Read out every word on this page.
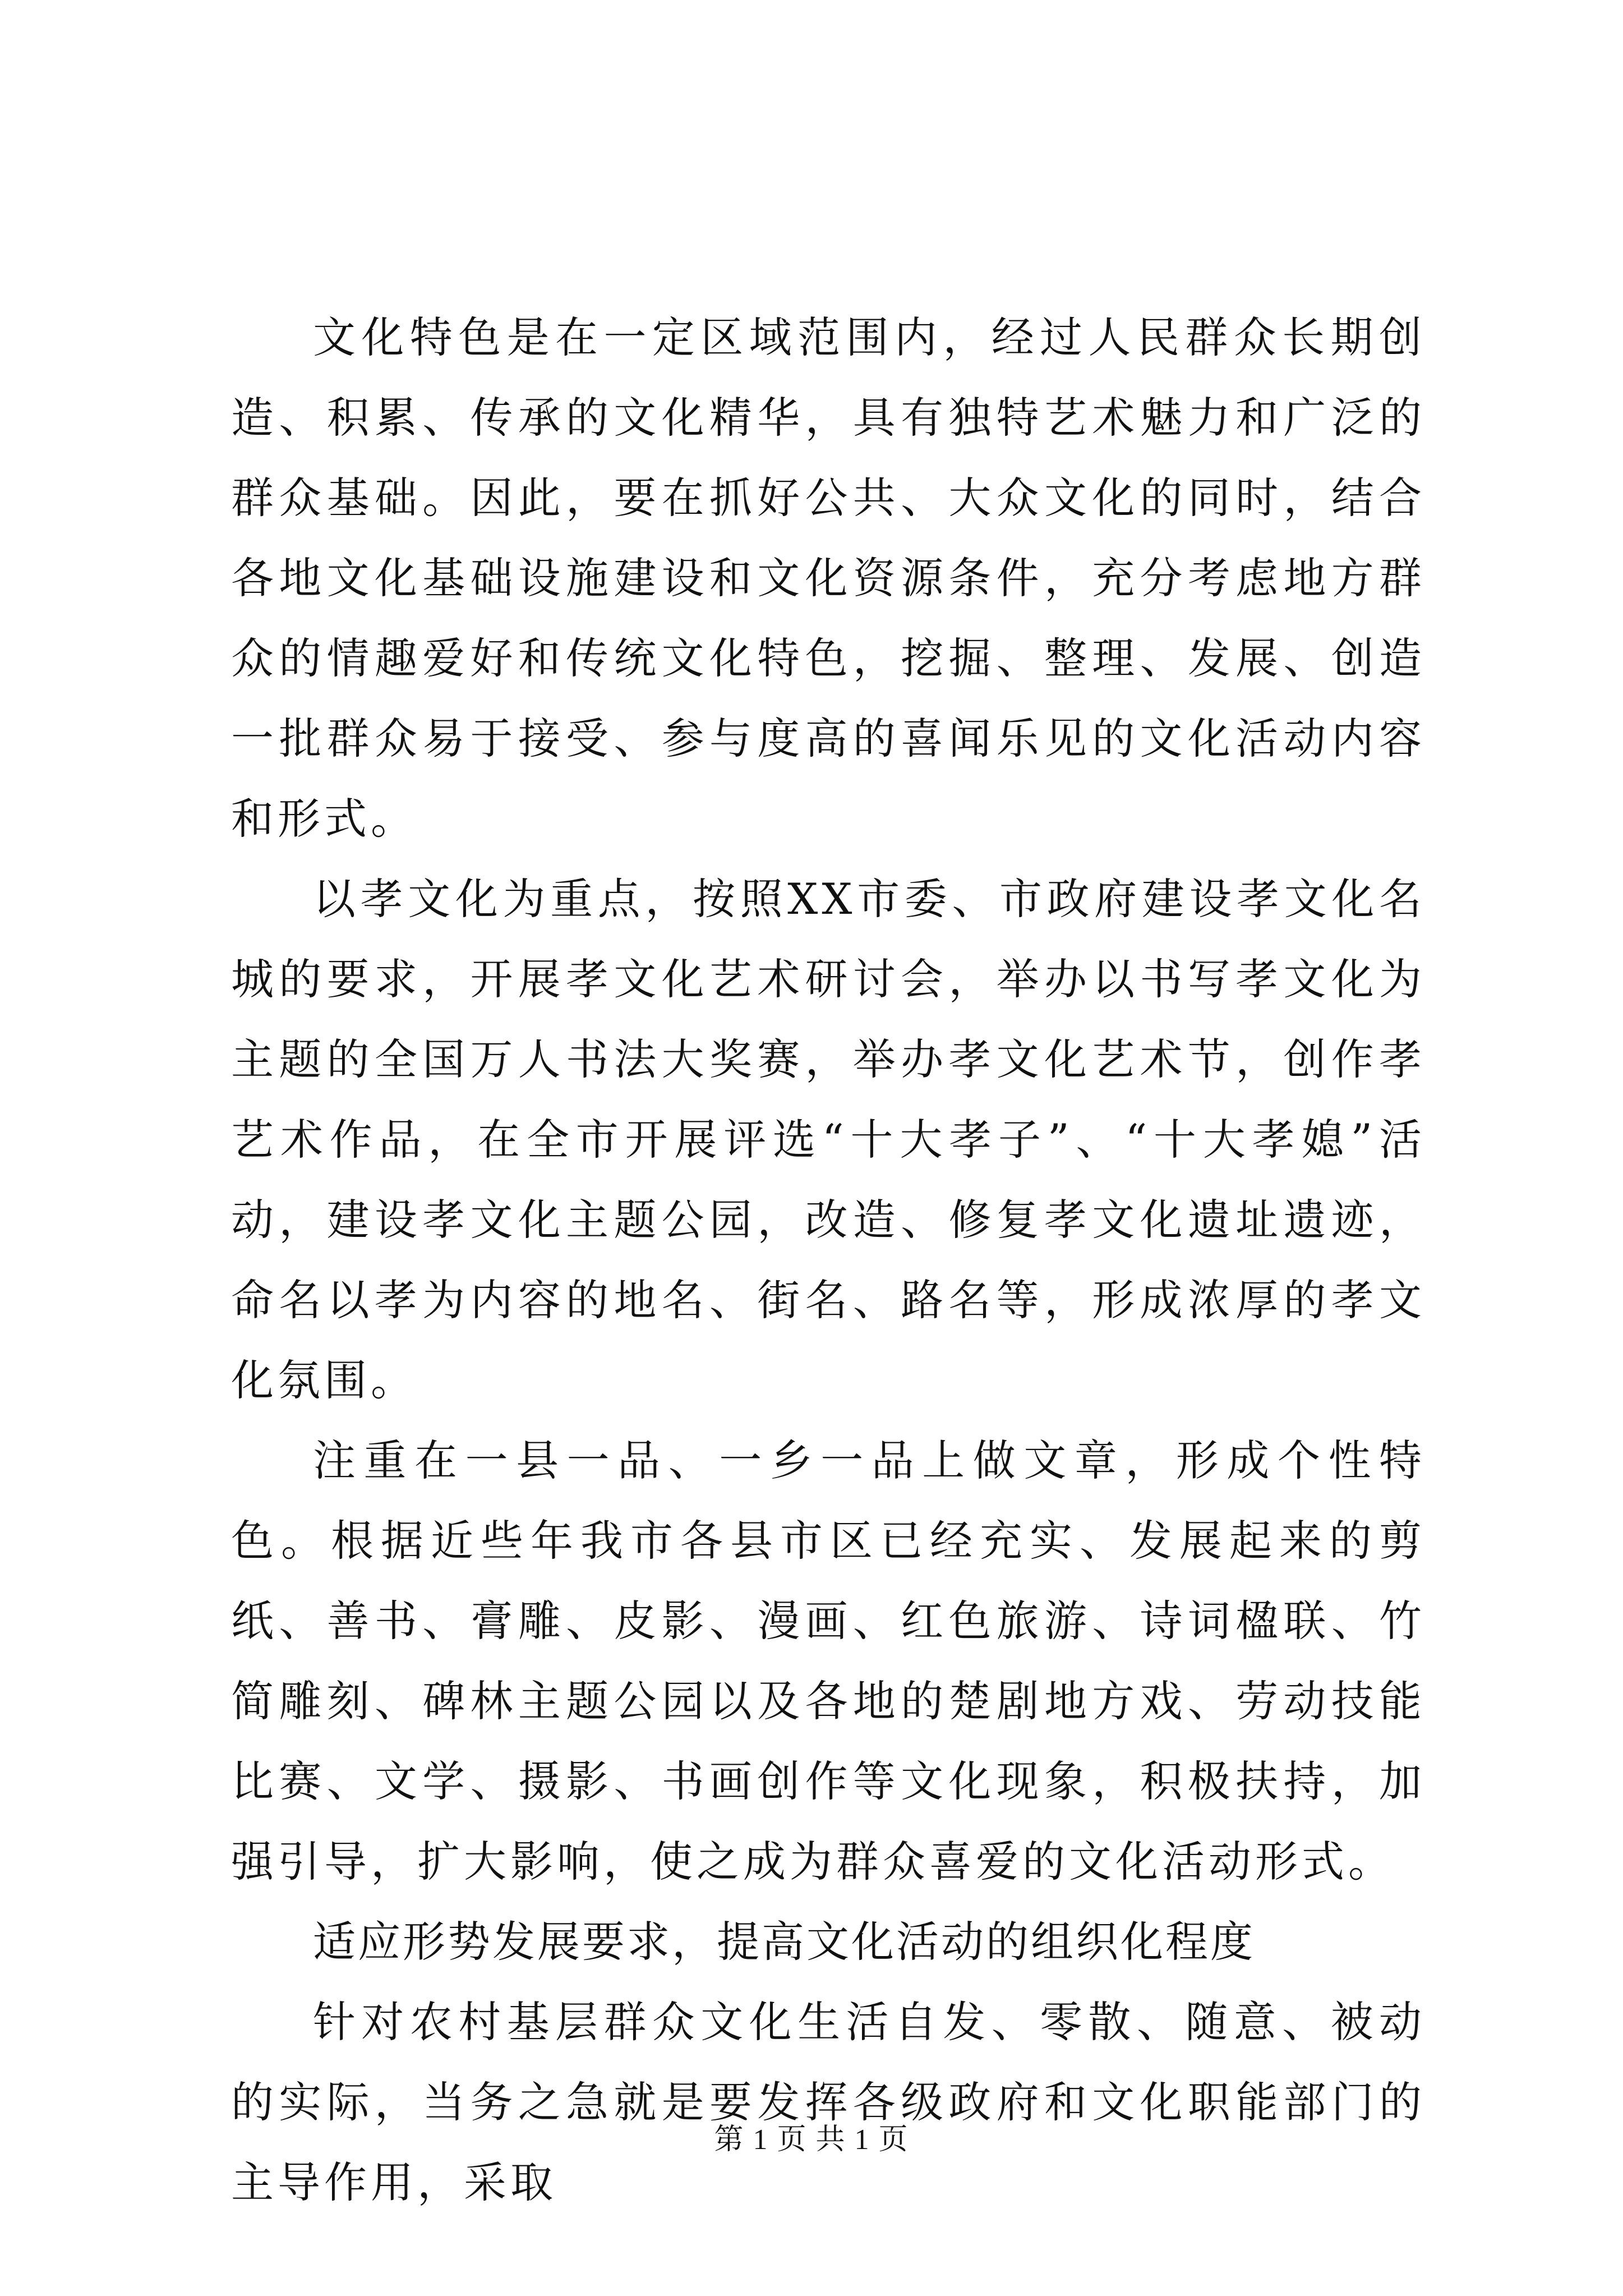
文化特色是在一定区域范围内，经过人民群众长期创造、积累、传承的文化精华，具有独特艺术魅力和广泛的群众基础。因此，要在抓好公共、大众文化的同时，结合各地文化基础设施建设和文化资源条件，充分考虑地方群众的情趣爱好和传统文化特色，挖掘、整理、发展、创造一批群众易于接受、参与度高的喜闻乐见的文化活动内容和形式。

以孝文化为重点，按照XX市委、市政府建设孝文化名城的要求，开展孝文化艺术研讨会，举办以书写孝文化为主题的全国万人书法大奖赛，举办孝文化艺术节，创作孝艺术作品，在全市开展评选“十大孝子”、“十大孝媳”活动，建设孝文化主题公园，改造、修复孝文化遗址遗迹，命名以孝为内容的地名、街名、路名等，形成浓厚的孝文化氛围。

注重在一县一品、一乡一品上做文章，形成个性特色。根据近些年我市各县市区已经充实、发展起来的剪纸、善书、膏雕、皮影、漫画、红色旅游、诗词楹联、竹简雕刻、碑林主题公园以及各地的楚剧地方戏、劳动技能比赛、文学、摄影、书画创作等文化现象，积极扶持，加强引导，扩大影响，使之成为群众喜爱的文化活动形式。

适应形势发展要求，提高文化活动的组织化程度

针对农村基层群众文化生活自发、零散、随意、被动的实际，当务之急就是要发挥各级政府和文化职能部门的主导作用，采取

第 1 页 共 1 页
